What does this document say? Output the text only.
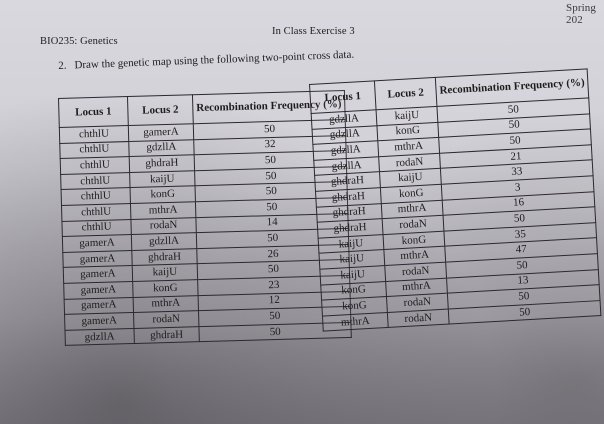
Spring 202
BIO235: Genetics
In Class Exercise 3
2. Draw the genetic map using the following two-point cross data.
Locus 1	Locus 2	Recombination Frequency (%)
chthlU	gamerA	50
chthlU	gdzllA	32
chthlU	ghdraH	50
chthlU	kaijU	50
chthlU	konG	50
chthlU	mthrA	50
chthlU	rodaN	14
gamerA	gdzllA	50
gamerA	ghdraH	26
gamerA	kaijU	50
gamerA	konG	23
gamerA	mthrA	12
gamerA	rodaN	50
gdzllA	ghdraH	50
Locus 1	Locus 2	Recombination Frequency (%)
gdzllA	kaijU	50
gdzllA	konG	50
gdzllA	mthrA	50
gdzllA	rodaN	21
ghdraH	kaijU	33
ghdraH	konG	3
ghdraH	mthrA	16
ghdraH	rodaN	50
kaijU	konG	35
kaijU	mthrA	47
kaijU	rodaN	50
konG	mthrA	13
konG	rodaN	50
mthrA	rodaN	50
